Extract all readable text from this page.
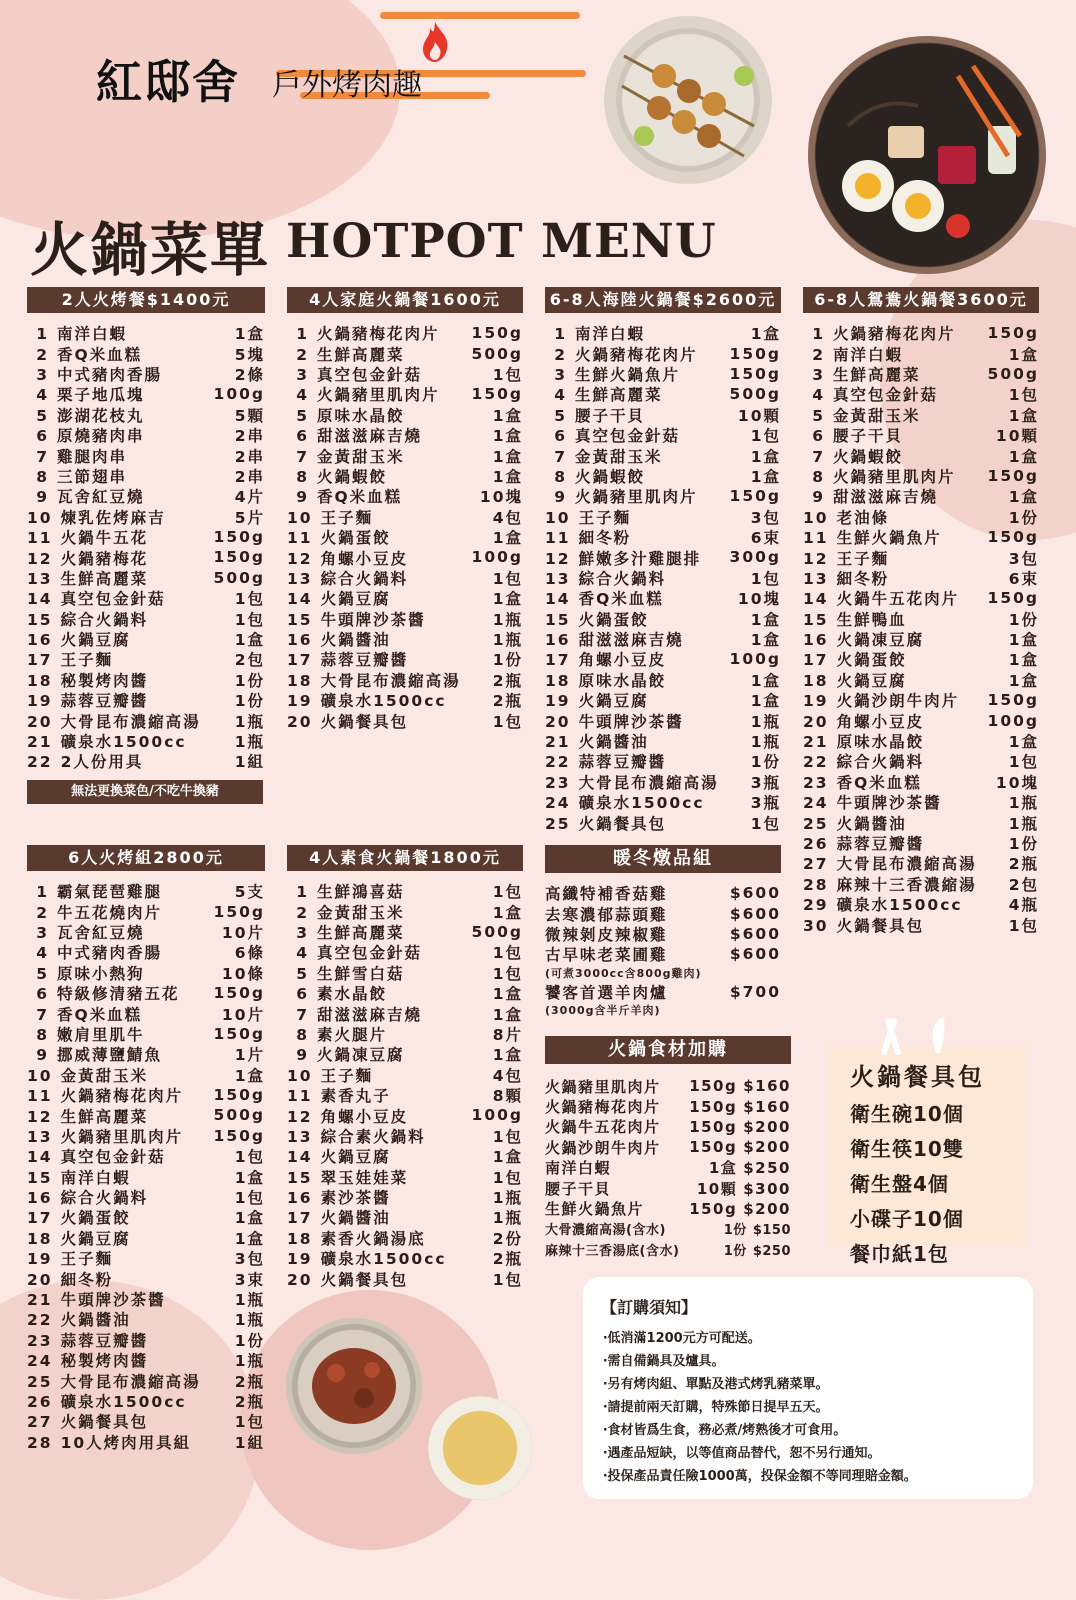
紅邸舍 戶外烤肉趣
火鍋菜單 HOTPOT MENU
2人火烤餐$1400元
1 南洋白蝦	1盒
2 香Q米血糕	5塊
3 中式豬肉香腸	2條
4 栗子地瓜塊	100g
5 澎湖花枝丸	5顆
6 原燒豬肉串	2串
7 雞腿肉串	2串
8 三節翅串	2串
9 瓦舍紅豆燒	4片
10 煉乳佐烤麻吉	5片
11 火鍋牛五花	150g
12 火鍋豬梅花	150g
13 生鮮高麗菜	500g
14 真空包金針菇	1包
15 綜合火鍋料	1包
16 火鍋豆腐	1盒
17 王子麵	2包
18 秘製烤肉醬	1份
19 蒜蓉豆瓣醬	1份
20 大骨昆布濃縮高湯 1瓶
21 礦泉水1500cc	1瓶
22 2人份用具	1組
4人家庭火鍋餐1600元
1 火鍋豬梅花肉片 150g
2 生鮮高麗菜	500g
3 真空包金針菇	1包
4 火鍋豬里肌肉片 150g
5 原味水晶餃	1盒
6 甜滋滋麻吉燒	1盒
7 金黃甜玉米	1盒
8 火鍋蝦餃	1盒
9 香Q米血糕	10塊
10 王子麵	4包
11 火鍋蛋餃	1盒
12 角螺小豆皮	100g
13 綜合火鍋料	1包
14 火鍋豆腐	1盒
15 牛頭牌沙茶醬	1瓶
16 火鍋醬油	1瓶
17 蒜蓉豆瓣醬	1份
18 大骨昆布濃縮高湯 2瓶
19 礦泉水1500cc	2瓶
20 火鍋餐具包	1包
6-8人海陸火鍋餐$2600元
1 南洋白蝦	1盒
2 火鍋豬梅花肉片 150g
3 生鮮火鍋魚片	150g
4 生鮮高麗菜	500g
5 腰子干貝	10顆
6 真空包金針菇	1包
7 金黃甜玉米	1盒
8 火鍋蝦餃	1盒
9 火鍋豬里肌肉片 150g
10 王子麵	3包
11 細冬粉	6束
12 鮮嫩多汁雞腿排 300g
13 綜合火鍋料	1包
14 香Q米血糕	10塊
15 火鍋蛋餃	1盒
16 甜滋滋麻吉燒	1盒
17 角螺小豆皮	100g
18 原味水晶餃	1盒
19 火鍋豆腐	1盒
20 牛頭牌沙茶醬	1瓶
21 火鍋醬油	1瓶
22 蒜蓉豆瓣醬	1份
23 大骨昆布濃縮高湯 3瓶
24 礦泉水1500cc	3瓶
25 火鍋餐具包	1包
6-8人鴛鴦火鍋餐3600元
1 火鍋豬梅花肉片 150g
2 南洋白蝦	1盒
3 生鮮高麗菜	500g
4 真空包金針菇	1包
5 金黃甜玉米	1盒
6 腰子干貝	10顆
7 火鍋蝦餃	1盒
8 火鍋豬里肌肉片 150g
9 甜滋滋麻吉燒	1盒
10 老油條	1份
11 生鮮火鍋魚片	150g
12 王子麵	3包
13 細冬粉	6束
14 火鍋牛五花肉片 150g
15 生鮮鴨血	1份
16 火鍋凍豆腐	1盒
17 火鍋蛋餃	1盒
18 火鍋豆腐	1盒
19 火鍋沙朗牛肉片 150g
20 角螺小豆皮	100g
21 原味水晶餃	1盒
22 綜合火鍋料	1包
23 香Q米血糕	10塊
24 牛頭牌沙茶醬	1瓶
25 火鍋醬油	1瓶
26 蒜蓉豆瓣醬	1份
27 大骨昆布濃縮高湯 2瓶
28 麻辣十三香濃縮湯 2包
29 礦泉水1500cc	4瓶
30 火鍋餐具包	1包
無法更換菜色/不吃牛換豬
6人火烤組2800元
1 霸氣琵琶雞腿	5支
2 牛五花燒肉片	150g
3 瓦舍紅豆燒	10片
4 中式豬肉香腸	6條
5 原味小熱狗	10條
6 特級修清豬五花 150g
7 香Q米血糕	10片
8 嫩肩里肌牛	150g
9 挪威薄鹽鯖魚	1片
10 金黃甜玉米	1盒
11 火鍋豬梅花肉片 150g
12 生鮮高麗菜	500g
13 火鍋豬里肌肉片 150g
14 真空包金針菇	1包
15 南洋白蝦	1盒
16 綜合火鍋料	1包
17 火鍋蛋餃	1盒
18 火鍋豆腐	1盒
19 王子麵	3包
20 細冬粉	3束
21 牛頭牌沙茶醬	1瓶
22 火鍋醬油	1瓶
23 蒜蓉豆瓣醬	1份
24 秘製烤肉醬	1瓶
25 大骨昆布濃縮高湯 2瓶
26 礦泉水1500cc	2瓶
27 火鍋餐具包	1包
28 10人烤肉用具組	1組
4人素食火鍋餐1800元
1 生鮮鴻喜菇	1包
2 金黃甜玉米	1盒
3 生鮮高麗菜	500g
4 真空包金針菇	1包
5 生鮮雪白菇	1包
6 素水晶餃	1盒
7 甜滋滋麻吉燒	1盒
8 素火腿片	8片
9 火鍋凍豆腐	1盒
10 王子麵	4包
11 素香丸子	8顆
12 角螺小豆皮	100g
13 綜合素火鍋料	1包
14 火鍋豆腐	1盒
15 翠玉娃娃菜	1包
16 素沙茶醬	1瓶
17 火鍋醬油	1瓶
18 素香火鍋湯底	2份
19 礦泉水1500cc	2瓶
20 火鍋餐具包	1包
暖冬燉品組
高纖特補香菇雞	$600
去寒濃郁蒜頭雞	$600
微辣剝皮辣椒雞	$600
古早味老菜圃雞	$600
(可煮3000cc含800g雞肉)
饕客首選羊肉爐	$700
(3000g含半斤羊肉)
火鍋食材加購
火鍋豬里肌肉片 150g $160
火鍋豬梅花肉片 150g $160
火鍋牛五花肉片 150g $200
火鍋沙朗牛肉片 150g $200
南洋白蝦	1盒 $250
腰子干貝	10顆 $300
生鮮火鍋魚片	150g $200
大骨濃縮高湯(含水)	1份 $150
麻辣十三香湯底(含水)	1份 $250
火鍋餐具包
衛生碗10個
衛生筷10雙
衛生盤4個
小碟子10個
餐巾紙1包
【訂購須知】
‧低消滿1200元方可配送。
‧需自備鍋具及爐具。
‧另有烤肉組、單點及港式烤乳豬菜單。
‧請提前兩天訂購，特殊節日提早五天。
‧食材皆爲生食，務必煮/烤熟後才可食用。
‧遇產品短缺，以等值商品替代，恕不另行通知。
‧投保產品責任險1000萬，投保金額不等同理賠金額。
